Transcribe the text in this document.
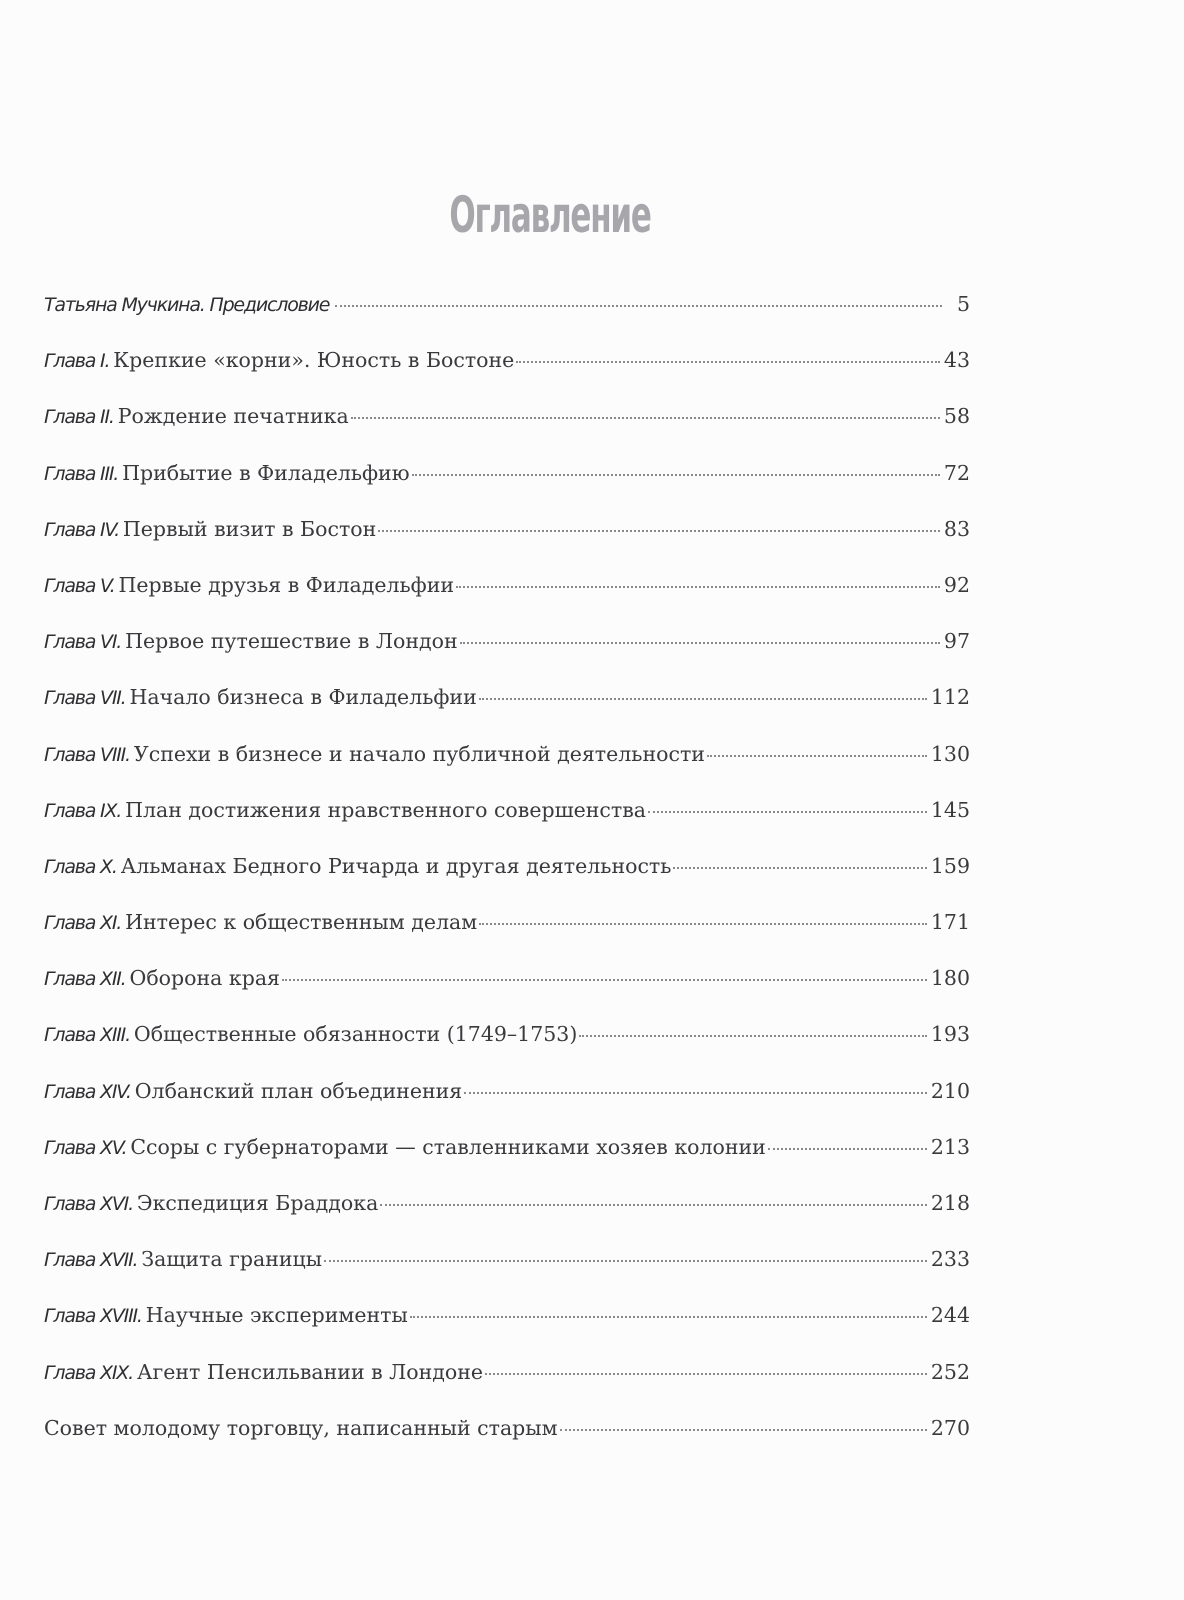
Оглавление
Татьяна Мучкина. Предисловие	5
Глава I. Крепкие «корни». Юность в Бостоне	43
Глава II. Рождение печатника	58
Глава III. Прибытие в Филадельфию	72
Глава IV. Первый визит в Бостон	83
Глава V. Первые друзья в Филадельфии	92
Глава VI. Первое путешествие в Лондон	97
Глава VII. Начало бизнеса в Филадельфии	112
Глава VIII. Успехи в бизнесе и начало публичной деятельности	130
Глава IX. План достижения нравственного совершенства	145
Глава X. Альманах Бедного Ричарда и другая деятельность	159
Глава XI. Интерес к общественным делам	171
Глава XII. Оборона края	180
Глава XIII. Общественные обязанности (1749–1753)	193
Глава XIV. Олбанский план объединения	210
Глава XV. Ссоры с губернаторами — ставленниками хозяев колонии	213
Глава XVI. Экспедиция Браддока	218
Глава XVII. Защита границы	233
Глава XVIII. Научные эксперименты	244
Глава XIX. Агент Пенсильвании в Лондоне	252
Совет молодому торговцу, написанный старым	270
